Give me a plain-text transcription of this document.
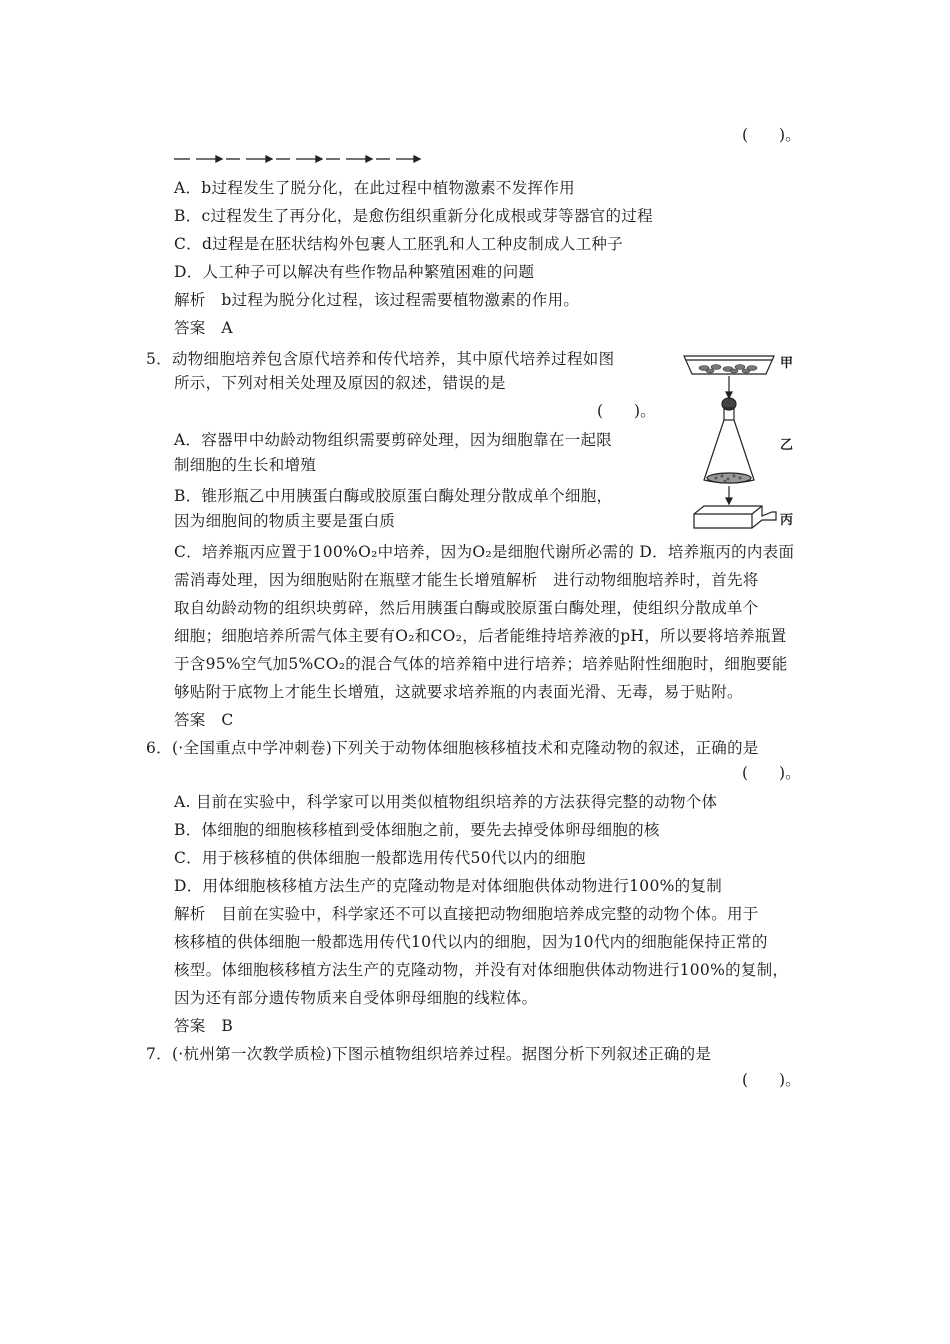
(　　)。
A．b过程发生了脱分化，在此过程中植物激素不发挥作用
B．c过程发生了再分化，是愈伤组织重新分化成根或芽等器官的过程
C．d过程是在胚状结构外包裹人工胚乳和人工种皮制成人工种子
D．人工种子可以解决有些作物品种繁殖困难的问题
解析　b过程为脱分化过程，该过程需要植物激素的作用。
答案　A
5．动物细胞培养包含原代培养和传代培养，其中原代培养过程如图
所示，下列对相关处理及原因的叙述，错误的是
(　　)。
A．容器甲中幼龄动物组织需要剪碎处理，因为细胞靠在一起限
制细胞的生长和增殖
B．锥形瓶乙中用胰蛋白酶或胶原蛋白酶处理分散成单个细胞，
因为细胞间的物质主要是蛋白质
甲
乙
丙
C．培养瓶丙应置于100%O₂中培养，因为O₂是细胞代谢所必需的 D．培养瓶丙的内表面
需消毒处理，因为细胞贴附在瓶壁才能生长增殖解析　进行动物细胞培养时，首先将
取自幼龄动物的组织块剪碎，然后用胰蛋白酶或胶原蛋白酶处理，使组织分散成单个
细胞；细胞培养所需气体主要有O₂和CO₂，后者能维持培养液的pH，所以要将培养瓶置
于含95%空气加5%CO₂的混合气体的培养箱中进行培养；培养贴附性细胞时，细胞要能
够贴附于底物上才能生长增殖，这就要求培养瓶的内表面光滑、无毒，易于贴附。
答案　C
6．(·全国重点中学冲刺卷)下列关于动物体细胞核移植技术和克隆动物的叙述，正确的是
(　　)。
A. 目前在实验中，科学家可以用类似植物组织培养的方法获得完整的动物个体
B．体细胞的细胞核移植到受体细胞之前，要先去掉受体卵母细胞的核
C．用于核移植的供体细胞一般都选用传代50代以内的细胞
D．用体细胞核移植方法生产的克隆动物是对体细胞供体动物进行100%的复制
解析　目前在实验中，科学家还不可以直接把动物细胞培养成完整的动物个体。用于
核移植的供体细胞一般都选用传代10代以内的细胞，因为10代内的细胞能保持正常的
核型。体细胞核移植方法生产的克隆动物，并没有对体细胞供体动物进行100%的复制，
因为还有部分遗传物质来自受体卵母细胞的线粒体。
答案　B
7．(·杭州第一次教学质检)下图示植物组织培养过程。据图分析下列叙述正确的是
(　　)。
